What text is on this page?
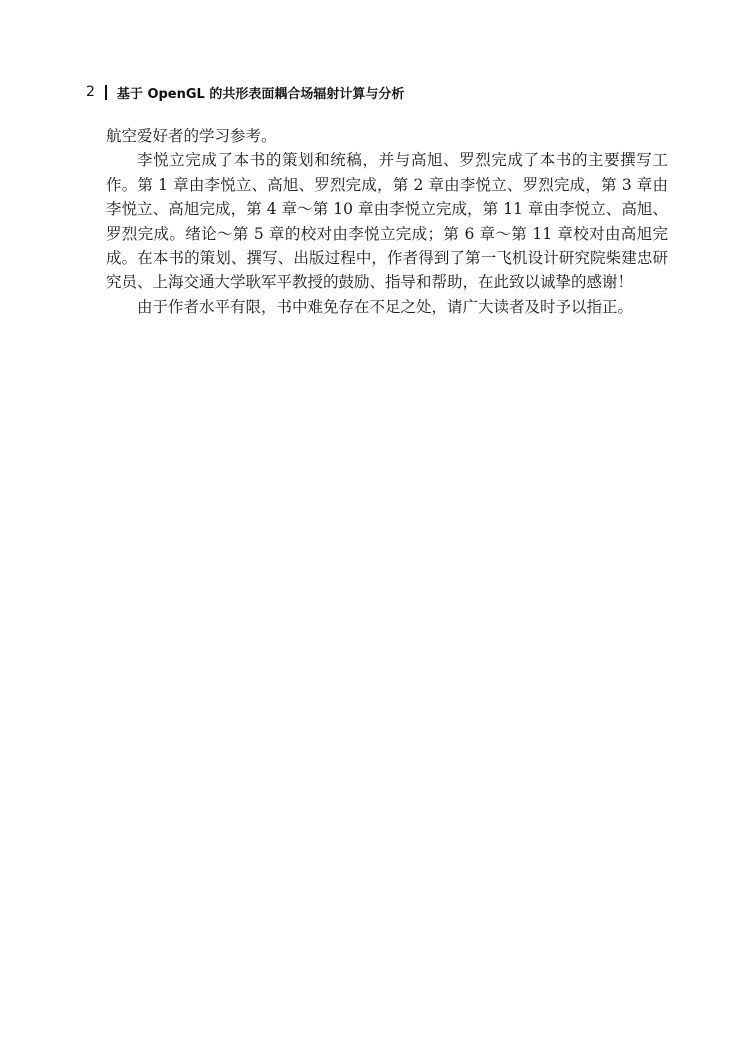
2 基于 OpenGL 的共形表面耦合场辐射计算与分析

航空爱好者的学习参考。

李悦立完成了本书的策划和统稿，并与高旭、罗烈完成了本书的主要撰写工作。第 1 章由李悦立、高旭、罗烈完成，第 2 章由李悦立、罗烈完成，第 3 章由李悦立、高旭完成，第 4 章～第 10 章由李悦立完成，第 11 章由李悦立、高旭、罗烈完成。绪论～第 5 章的校对由李悦立完成；第 6 章～第 11 章校对由高旭完成。在本书的策划、撰写、出版过程中，作者得到了第一飞机设计研究院柴建忠研究员、上海交通大学耿军平教授的鼓励、指导和帮助，在此致以诚挚的感谢！

由于作者水平有限，书中难免存在不足之处，请广大读者及时予以指正。
